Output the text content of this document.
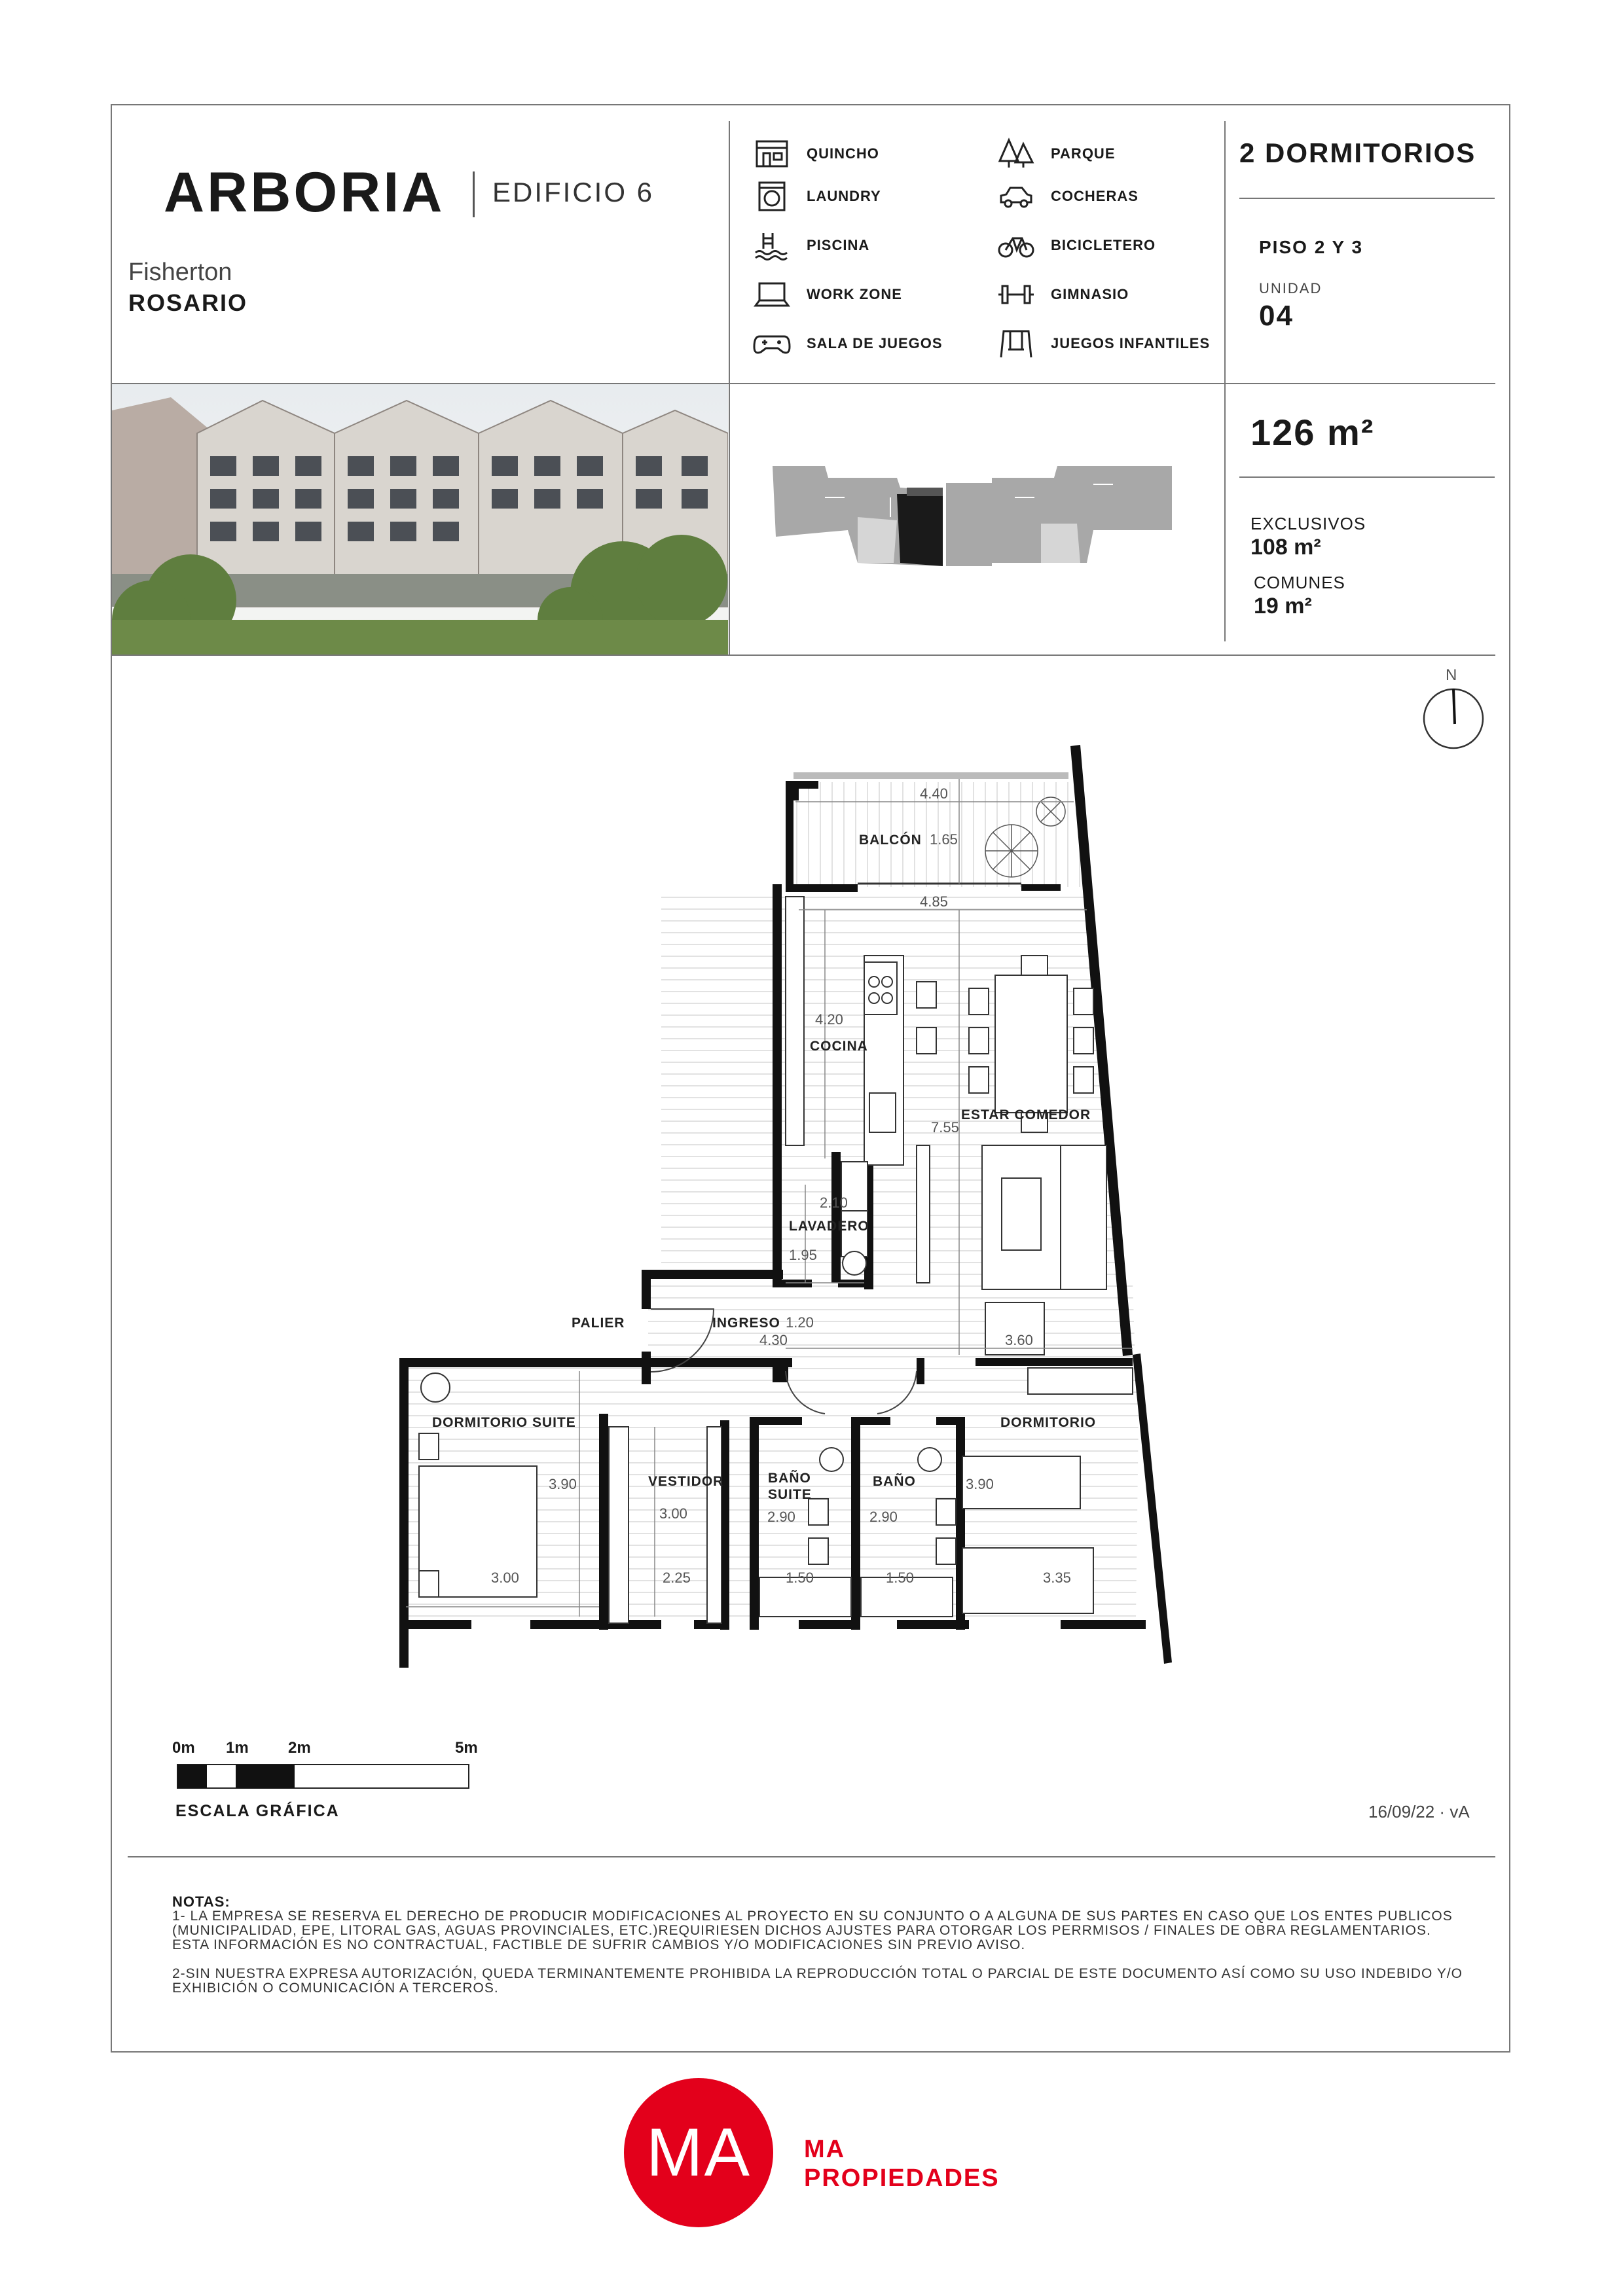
ARBORIA EDIFICIO 6
Fisherton
ROSARIO
QUINCHO	PARQUE
LAUNDRY	COCHERAS
PISCINA	BICICLETERO
WORK ZONE	GIMNASIO
SALA DE JUEGOS	JUEGOS INFANTILES
2 DORMITORIOS
PISO 2 Y 3
UNIDAD
04
126 m²
EXCLUSIVOS
108 m²
COMUNES
19 m²
N
BALCÓN
COCINA
ESTAR COMEDOR
LAVADERO
PALIER	INGRESO
DORMITORIO SUITE
VESTIDOR	BAÑO
SUITE
BAÑO
DORMITORIO
4.40
1.65
4.85
4.20
7.55
2.10
1.95
1.20
4.30	3.60
3.90
3.00
3.00
2.25
2.90
1.50
2.90
1.50
3.90
3.35
0m 1m	2m	5m
ESCALA GRÁFICA	16/09/22 · vA
NOTAS:
1- LA EMPRESA SE RESERVA EL DERECHO DE PRODUCIR MODIFICACIONES AL PROYECTO EN SU CONJUNTO O A ALGUNA DE SUS PARTES EN CASO QUE LOS ENTES PUBLICOS
(MUNICIPALIDAD, EPE, LITORAL GAS, AGUAS PROVINCIALES, ETC.)REQUIRIESEN DICHOS AJUSTES PARA OTORGAR LOS PERRMISOS / FINALES DE OBRA REGLAMENTARIOS.
ESTA INFORMACIÓN ES NO CONTRACTUAL, FACTIBLE DE SUFRIR CAMBIOS Y/O MODIFICACIONES SIN PREVIO AVISO.
2-SIN NUESTRA EXPRESA AUTORIZACIÓN, QUEDA TERMINANTEMENTE PROHIBIDA LA REPRODUCCIÓN TOTAL O PARCIAL DE ESTE DOCUMENTO ASÍ COMO SU USO INDEBIDO Y/O
EXHIBICIÓN O COMUNICACIÓN A TERCEROS.
MA MA
PROPIEDADES
